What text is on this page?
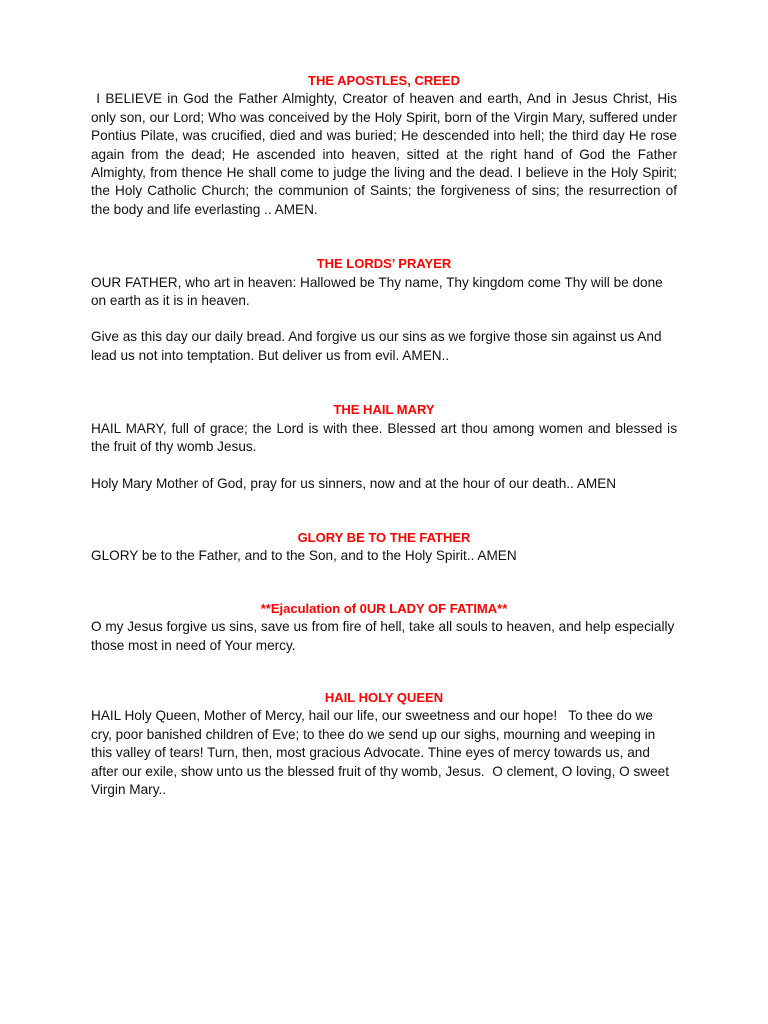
THE APOSTLES, CREED

I BELIEVE in God the Father Almighty, Creator of heaven and earth, And in Jesus Christ, His only son, our Lord; Who was conceived by the Holy Spirit, born of the Virgin Mary, suffered under Pontius Pilate, was crucified, died and was buried; He descended into hell; the third day He rose again from the dead; He ascended into heaven, sitted at the right hand of God the Father Almighty, from thence He shall come to judge the living and the dead. I believe in the Holy Spirit; the Holy Catholic Church; the communion of Saints; the forgiveness of sins; the resurrection of the body and life everlasting .. AMEN.

THE LORDS’ PRAYER

OUR FATHER, who art in heaven: Hallowed be Thy name, Thy kingdom come Thy will be done on earth as it is in heaven.

Give as this day our daily bread. And forgive us our sins as we forgive those sin against us And lead us not into temptation. But deliver us from evil. AMEN..

THE HAIL MARY

HAIL MARY, full of grace; the Lord is with thee. Blessed art thou among women and blessed is the fruit of thy womb Jesus.

Holy Mary Mother of God, pray for us sinners, now and at the hour of our death.. AMEN

GLORY BE TO THE FATHER

GLORY be to the Father, and to the Son, and to the Holy Spirit.. AMEN

**Ejaculation of 0UR LADY OF FATIMA**

O my Jesus forgive us sins, save us from fire of hell, take all souls to heaven, and help especially those most in need of Your mercy.

HAIL HOLY QUEEN

HAIL Holy Queen, Mother of Mercy, hail our life, our sweetness and our hope!   To thee do we cry, poor banished children of Eve; to thee do we send up our sighs, mourning and weeping in this valley of tears! Turn, then, most gracious Advocate. Thine eyes of mercy towards us, and after our exile, show unto us the blessed fruit of thy womb, Jesus.  O clement, O loving, O sweet Virgin Mary..
